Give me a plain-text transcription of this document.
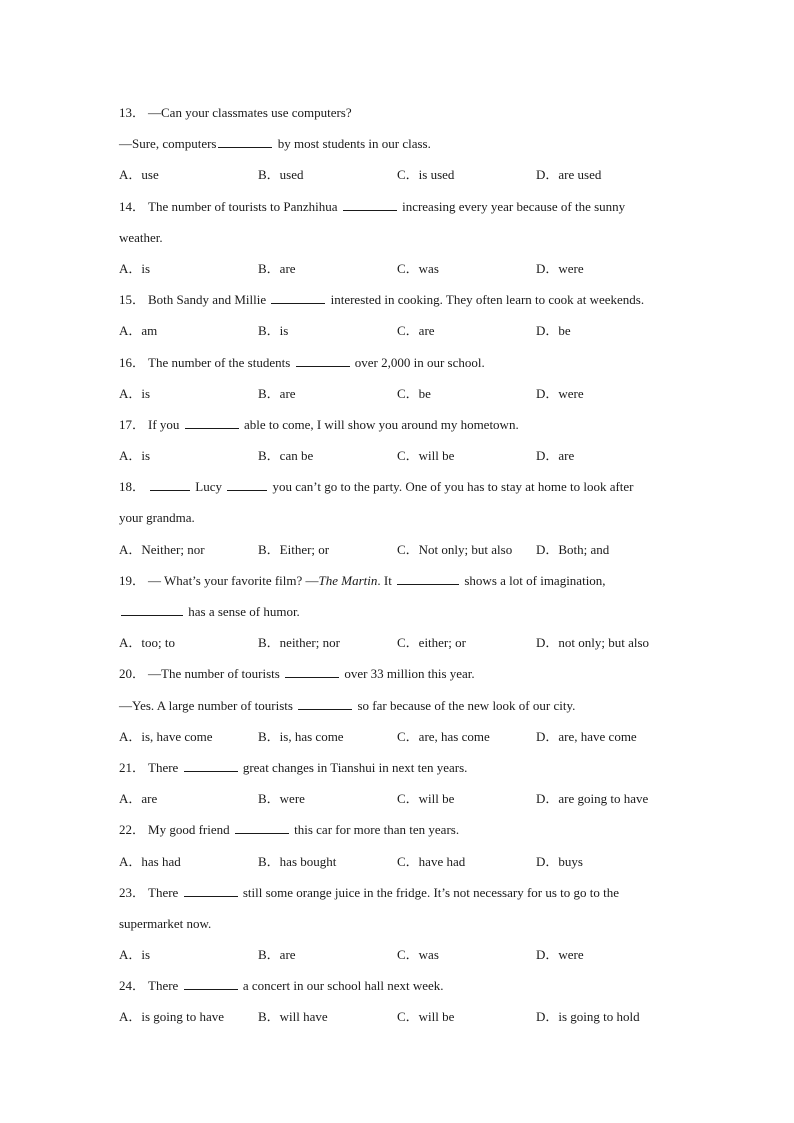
13． —Can your classmates use computers?
—Sure, computers	by most students in our class.
A．use	B．used	C．is used	D．are used
14． The number of tourists to Panzhihua	increasing every year because of the sunny
weather.
A．is	B．are	C．was	D．were
15． Both Sandy and Millie	interested in cooking. They often learn to cook at weekends.
A．am	B．is	C．are	D．be
16． The number of the students	over 2,000 in our school.
A．is	B．are	C．be	D．were
17． If you	able to come, I will show you around my hometown.
A．is	B．can be	C．will be	D．are
18．	Lucy	you can’t go to the party. One of you has to stay at home to look after
your grandma.
A．Neither; nor	B．Either; or	C．Not only; but also	D．Both; and
19． — What’s your favorite film? —The Martin. It	shows a lot of imagination,
has a sense of humor.
A．too; to	B．neither; nor	C．either; or	D．not only; but also
20． —The number of tourists	over 33 million this year.
—Yes. A large number of tourists	so far because of the new look of our city.
A．is, have come	B．is, has come	C．are, has come	D．are, have come
21． There	great changes in Tianshui in next ten years.
A．are	B．were	C．will be	D．are going to have
22． My good friend	this car for more than ten years.
A．has had	B．has bought	C．have had	D．buys
23． There	still some orange juice in the fridge. It’s not necessary for us to go to the
supermarket now.
A．is	B．are	C．was	D．were
24． There	a concert in our school hall next week.
A．is going to have	B．will have	C．will be	D．is going to hold
